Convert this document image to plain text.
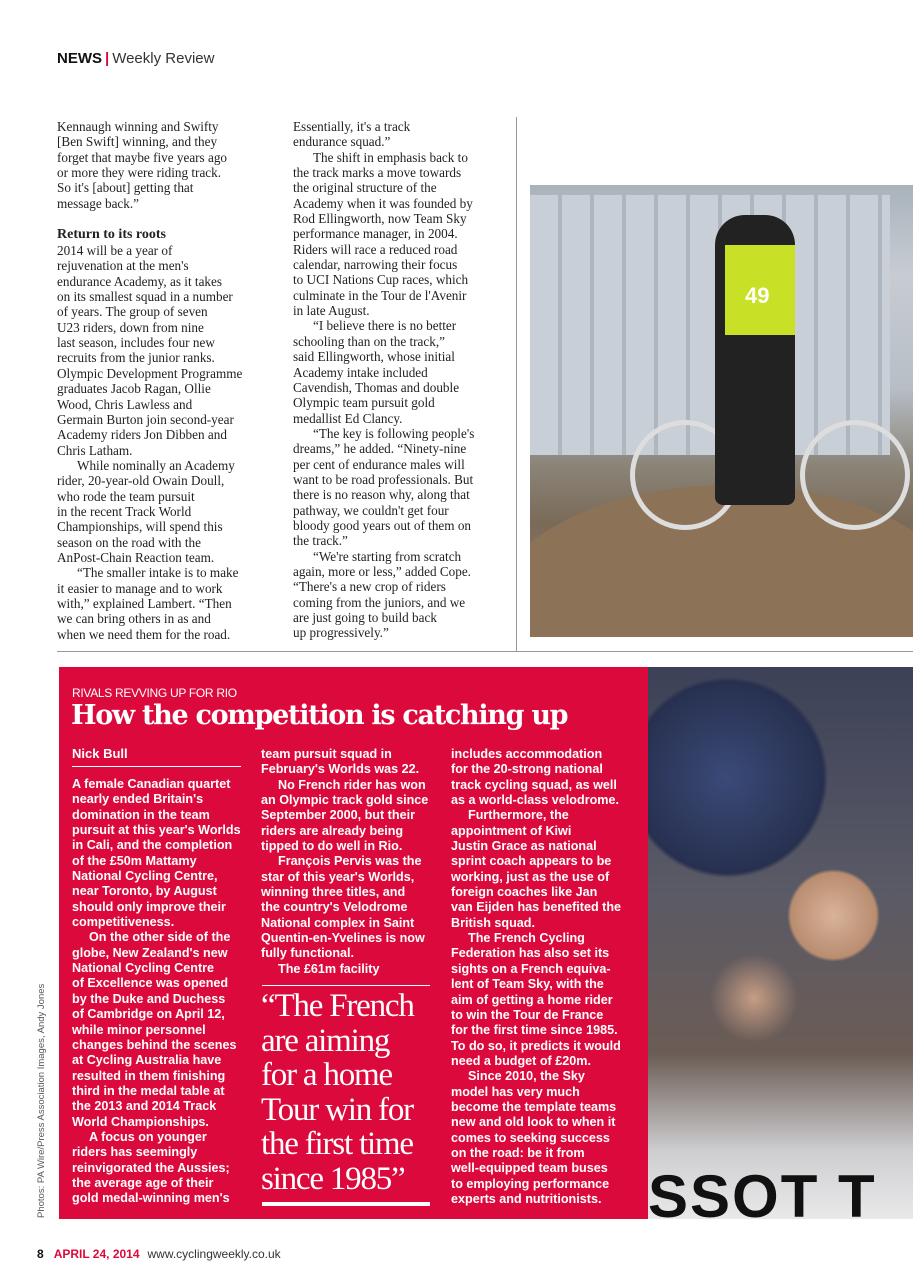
NEWS | Weekly Review
Kennaugh winning and Swifty
[Ben Swift] winning, and they
forget that maybe five years ago
or more they were riding track.
So it's [about] getting that
message back.”
Return to its roots
2014 will be a year of
rejuvenation at the men's
endurance Academy, as it takes
on its smallest squad in a number
of years. The group of seven
U23 riders, down from nine
last season, includes four new
recruits from the junior ranks.
Olympic Development Programme
graduates Jacob Ragan, Ollie
Wood, Chris Lawless and
Germain Burton join second-year
Academy riders Jon Dibben and
Chris Latham.
While nominally an Academy
rider, 20-year-old Owain Doull,
who rode the team pursuit
in the recent Track World
Championships, will spend this
season on the road with the
AnPost-Chain Reaction team.
“The smaller intake is to make
it easier to manage and to work
with,” explained Lambert. “Then
we can bring others in as and
when we need them for the road.
Essentially, it's a track
endurance squad.”
The shift in emphasis back to
the track marks a move towards
the original structure of the
Academy when it was founded by
Rod Ellingworth, now Team Sky
performance manager, in 2004.
Riders will race a reduced road
calendar, narrowing their focus
to UCI Nations Cup races, which
culminate in the Tour de l'Avenir
in late August.
“I believe there is no better
schooling than on the track,”
said Ellingworth, whose initial
Academy intake included
Cavendish, Thomas and double
Olympic team pursuit gold
medallist Ed Clancy.
“The key is following people's
dreams,” he added. “Ninety-nine
per cent of endurance males will
want to be road professionals. But
there is no reason why, along that
pathway, we couldn't get four
bloody good years out of them on
the track.”
“We're starting from scratch
again, more or less,” added Cope.
“There's a new crop of riders
coming from the juniors, and we
are just going to build back
up progressively.”
49
RIVALS REVVING UP FOR RIO
How the competition is catching up
Nick Bull
A female Canadian quartet
nearly ended Britain's
domination in the team
pursuit at this year's Worlds
in Cali, and the completion
of the £50m Mattamy
National Cycling Centre,
near Toronto, by August
should only improve their
competitiveness.
On the other side of the
globe, New Zealand's new
National Cycling Centre
of Excellence was opened
by the Duke and Duchess
of Cambridge on April 12,
while minor personnel
changes behind the scenes
at Cycling Australia have
resulted in them finishing
third in the medal table at
the 2013 and 2014 Track
World Championships.
A focus on younger
riders has seemingly
reinvigorated the Aussies;
the average age of their
gold medal-winning men's
team pursuit squad in
February's Worlds was 22.
No French rider has won
an Olympic track gold since
September 2000, but their
riders are already being
tipped to do well in Rio.
François Pervis was the
star of this year's Worlds,
winning three titles, and
the country's Velodrome
National complex in Saint
Quentin-en-Yvelines is now
fully functional.
The £61m facility
includes accommodation
for the 20-strong national
track cycling squad, as well
as a world-class velodrome.
Furthermore, the
appointment of Kiwi
Justin Grace as national
sprint coach appears to be
working, just as the use of
foreign coaches like Jan
van Eijden has benefited the
British squad.
The French Cycling
Federation has also set its
sights on a French equiva-
lent of Team Sky, with the
aim of getting a home rider
to win the Tour de France
for the first time since 1985.
To do so, it predicts it would
need a budget of £20m.
Since 2010, the Sky
model has very much
become the template teams
new and old look to when it
comes to seeking success
on the road: be it from
well-equipped team buses
to employing performance
experts and nutritionists.
“The French
are aiming
for a home
Tour win for
the first time
since 1985”	SSOT T
Photos: PA Wire/Press Association Images, Andy Jones
8 APRIL 24, 2014 www.cyclingweekly.co.uk
